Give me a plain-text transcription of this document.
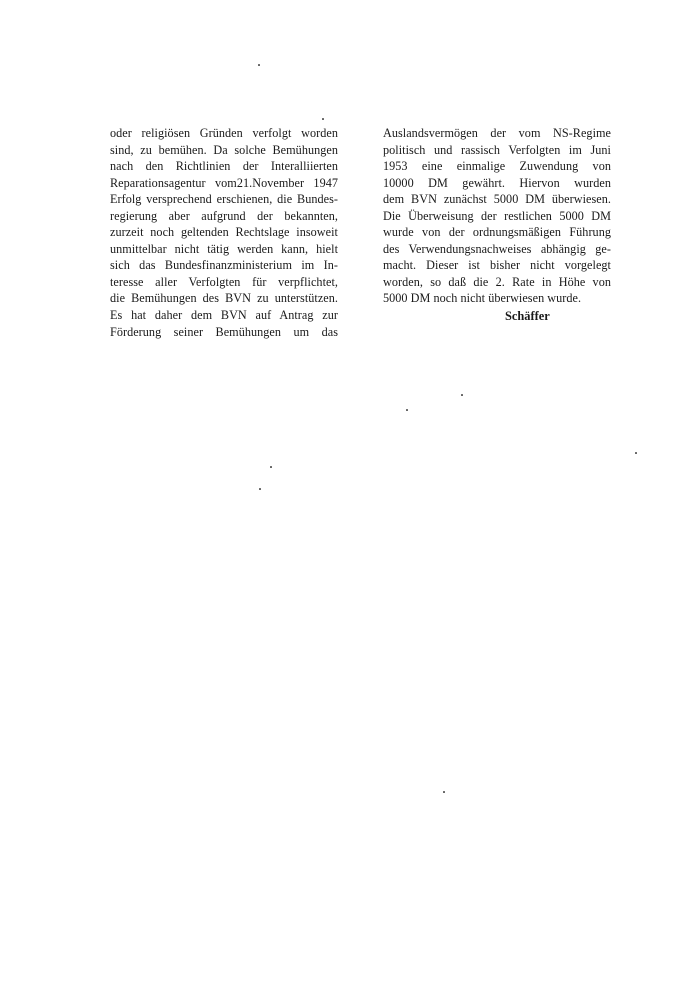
oder religiösen Gründen verfolgt worden
sind, zu bemühen. Da solche Bemühungen
nach den Richtlinien der Interalliierten
Reparationsagentur vom21.November 1947
Erfolg versprechend erschienen, die Bundes-
regierung aber aufgrund der bekannten,
zurzeit noch geltenden Rechtslage insoweit
unmittelbar nicht tätig werden kann, hielt
sich das Bundesfinanzministerium im In-
teresse aller Verfolgten für verpflichtet,
die Bemühungen des BVN zu unterstützen.
Es hat daher dem BVN auf Antrag zur
Förderung seiner Bemühungen um das
Auslandsvermögen der vom NS-Regime
politisch und rassisch Verfolgten im Juni
1953 eine einmalige Zuwendung von
10000 DM gewährt. Hiervon wurden
dem BVN zunächst 5000 DM überwiesen.
Die Überweisung der restlichen 5000 DM
wurde von der ordnungsmäßigen Führung
des Verwendungsnachweises abhängig ge-
macht. Dieser ist bisher nicht vorgelegt
worden, so daß die 2. Rate in Höhe von
5000 DM noch nicht überwiesen wurde.
Schäffer
